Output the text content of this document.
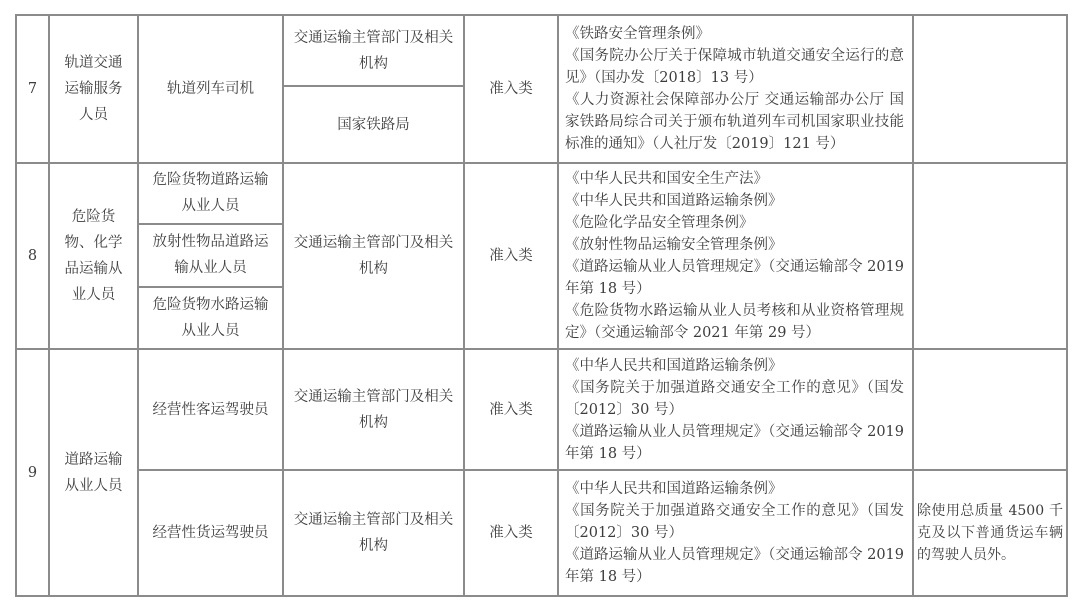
7	轨道交通运输服务人员	轨道列车司机	交通运输主管部门及相关机构	准入类	《铁路安全管理条例》
《国务院办公厅关于保障城市轨道交通安全运行的意见》（国办发〔2018〕13 号）
《人力资源社会保障部办公厅 交通运输部办公厅 国家铁路局综合司关于颁布轨道列车司机国家职业技能标准的通知》（人社厅发〔2019〕121 号）	

			国家铁路局			
8	危险货物、化学品运输从业人员	危险货物道路运输从业人员	交通运输主管部门及相关机构	准入类	
《中华人民共和国安全生产法》
《中华人民共和国道路运输条例》
《危险化学品安全管理条例》
《放射性物品运输安全管理条例》
《道路运输从业人员管理规定》（交通运输部令 2019 年第 18 号）
《危险货物水路运输从业人员考核和从业资格管理规定》（交通运输部令 2021 年第 29 号）

		放射性物品道路运输从业人员				
		危险货物水路运输从业人员				
9	道路运输从业人员	经营性客运驾驶员	交通运输主管部门及相关机构	准入类	《中华人民共和国道路运输条例》
《国务院关于加强道路交通安全工作的意见》（国发〔2012〕30 号）
《道路运输从业人员管理规定》（交通运输部令 2019 年第 18 号）	

		经营性货运驾驶员	交通运输主管部门及相关机构	准入类	《中华人民共和国道路运输条例》
《国务院关于加强道路交通安全工作的意见》（国发〔2012〕30 号）
《道路运输从业人员管理规定》（交通运输部令 2019 年第 18 号）	除使用总质量 4500 千克及以下普通货运车辆的驾驶人员外。
